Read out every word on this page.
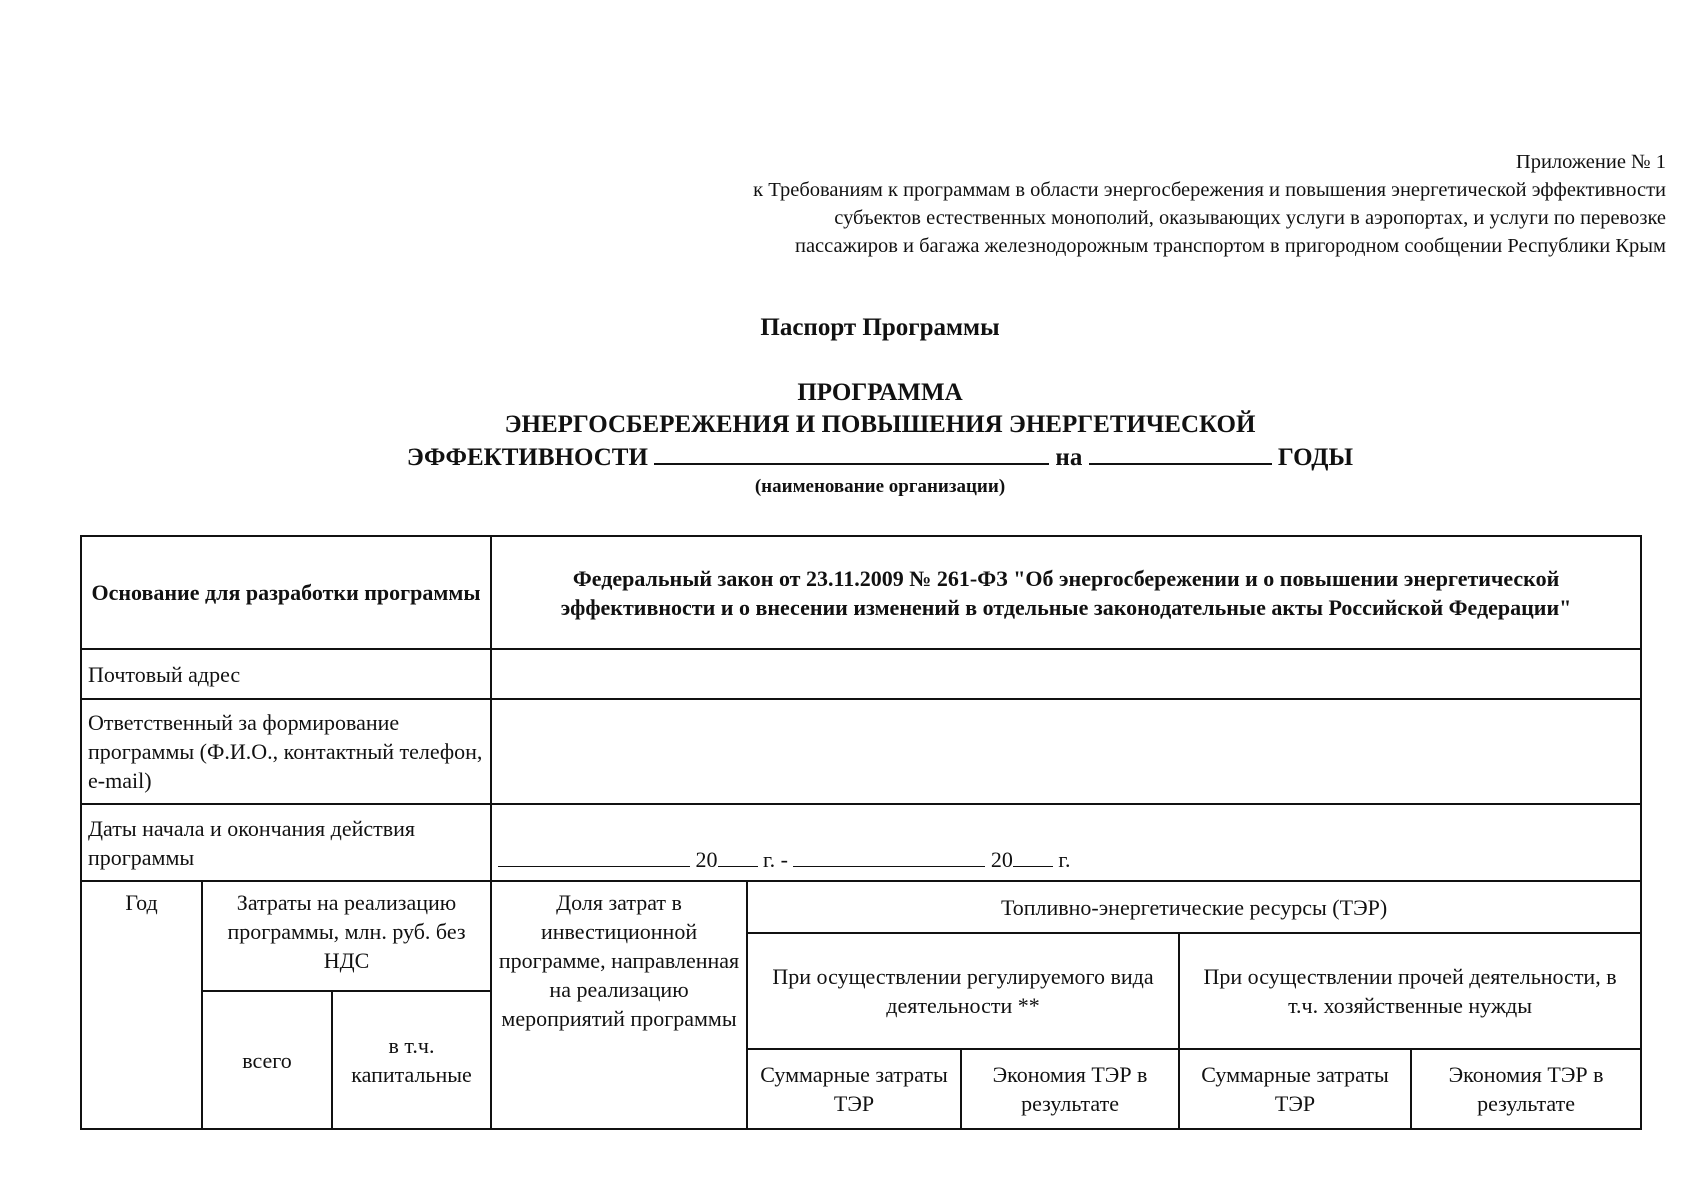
Приложение № 1
к Требованиям к программам в области энергосбережения и повышения энергетической эффективности
субъектов естественных монополий, оказывающих услуги в аэропортах, и услуги по перевозке
пассажиров и багажа железнодорожным транспортом в пригородном сообщении Республики Крым
Паспорт Программы
ПРОГРАММА
ЭНЕРГОСБЕРЕЖЕНИЯ И ПОВЫШЕНИЯ ЭНЕРГЕТИЧЕСКОЙ
ЭФФЕКТИВНОСТИ	на	ГОДЫ
(наименование организации)
Основание для разработки программы			Федеральный закон от 23.11.2009 № 261-ФЗ "Об энергосбережении и о повышении энергетической эффективности и о внесении изменений в отдельные законодательные акты Российской Федерации"				
Почтовый адрес							
Ответственный за формирование программы (Ф.И.О., контактный телефон, e-mail)							
Даты начала и окончания действия программы			20 г. - 20 г.				
Год	Затраты на реализацию программы, млн. руб. без НДС		Доля затрат в инвестиционной программе, направленная на реализацию мероприятий программы	Топливно-энергетические ресурсы (ТЭР)			
				При осуществлении регулируемого вида деятельности **		При осуществлении прочей деятельности, в т.ч. хозяйственные нужды	
	всего	в т.ч. капитальные					
				Суммарные затраты ТЭР	Экономия ТЭР в результате	Суммарные затраты ТЭР	Экономия ТЭР в результате
